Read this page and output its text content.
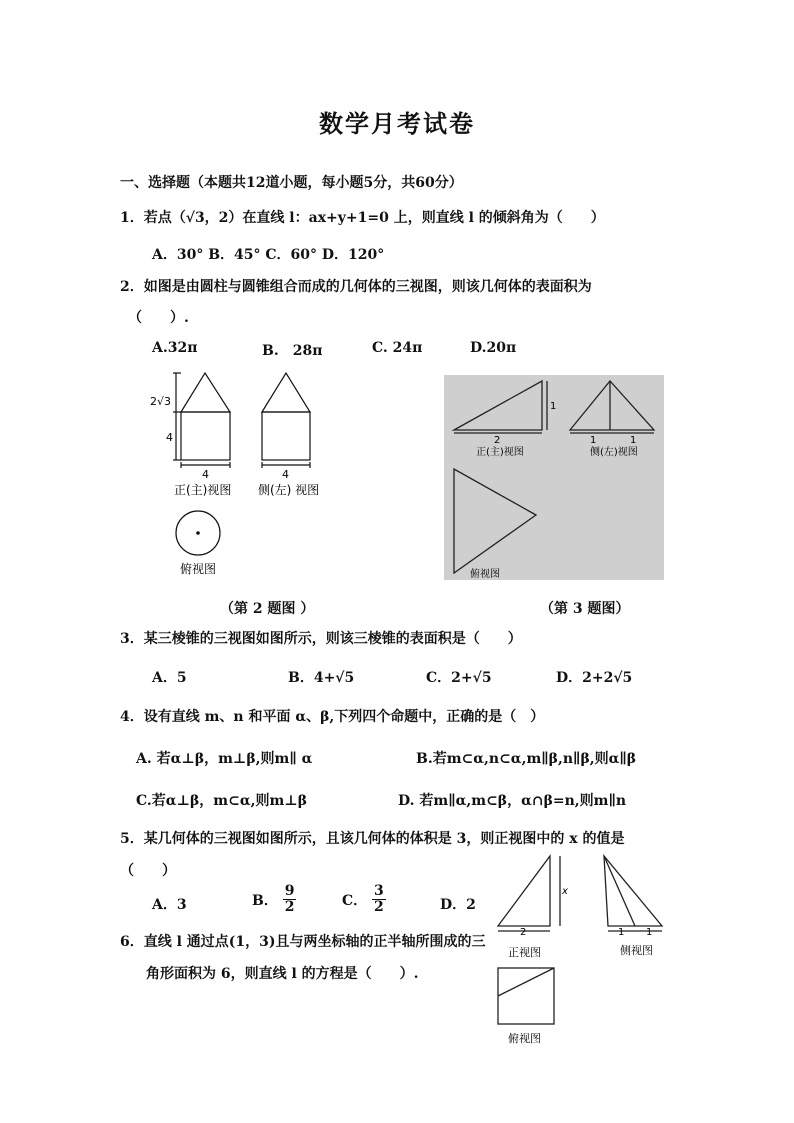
数学月考试卷
一、选择题（本题共12道小题，每小题5分，共60分）
1．若点（√3，2）在直线 l：ax+y+1=0 上，则直线 l 的倾斜角为（　　）
A．30° B．45° C．60° D．120°
2．如图是由圆柱与圆锥组合而成的几何体的三视图，则该几何体的表面积为
（　　）.
A.32π	B.　28π	C. 24π	D.20π
2√3
4
4	4
正(主)视图 侧(左) 视图
俯视图
（第 2 题图 ）
1
2	1	1
正(主)视图	侧(左)视图
俯视图
（第 3 题图）
3．某三棱锥的三视图如图所示，则该三棱锥的表面积是（　　）
A．5	B．4+√5	C．2+√5	D．2+2√5
4．设有直线 m、n 和平面 α、β,下列四个命题中，正确的是（　）
A. 若α⊥β，m⊥β,则m∥ α	B.若m⊂α,n⊂α,m∥β,n∥β,则α∥β
C.若α⊥β，m⊂α,则m⊥β	D. 若m∥α,m⊂β，α∩β=n,则m∥n
5．某几何体的三视图如图所示，且该几何体的体积是 3，则正视图中的 x 的值是
（　　）
A．3	B． $\frac{9}{2}$	C． $\frac{3}{2}$	D．2
x
2	1 1
正视图	侧视图
俯视图
6．直线 l 通过点(1，3)且与两坐标轴的正半轴所围成的三
角形面积为 6，则直线 l 的方程是（　　）.
